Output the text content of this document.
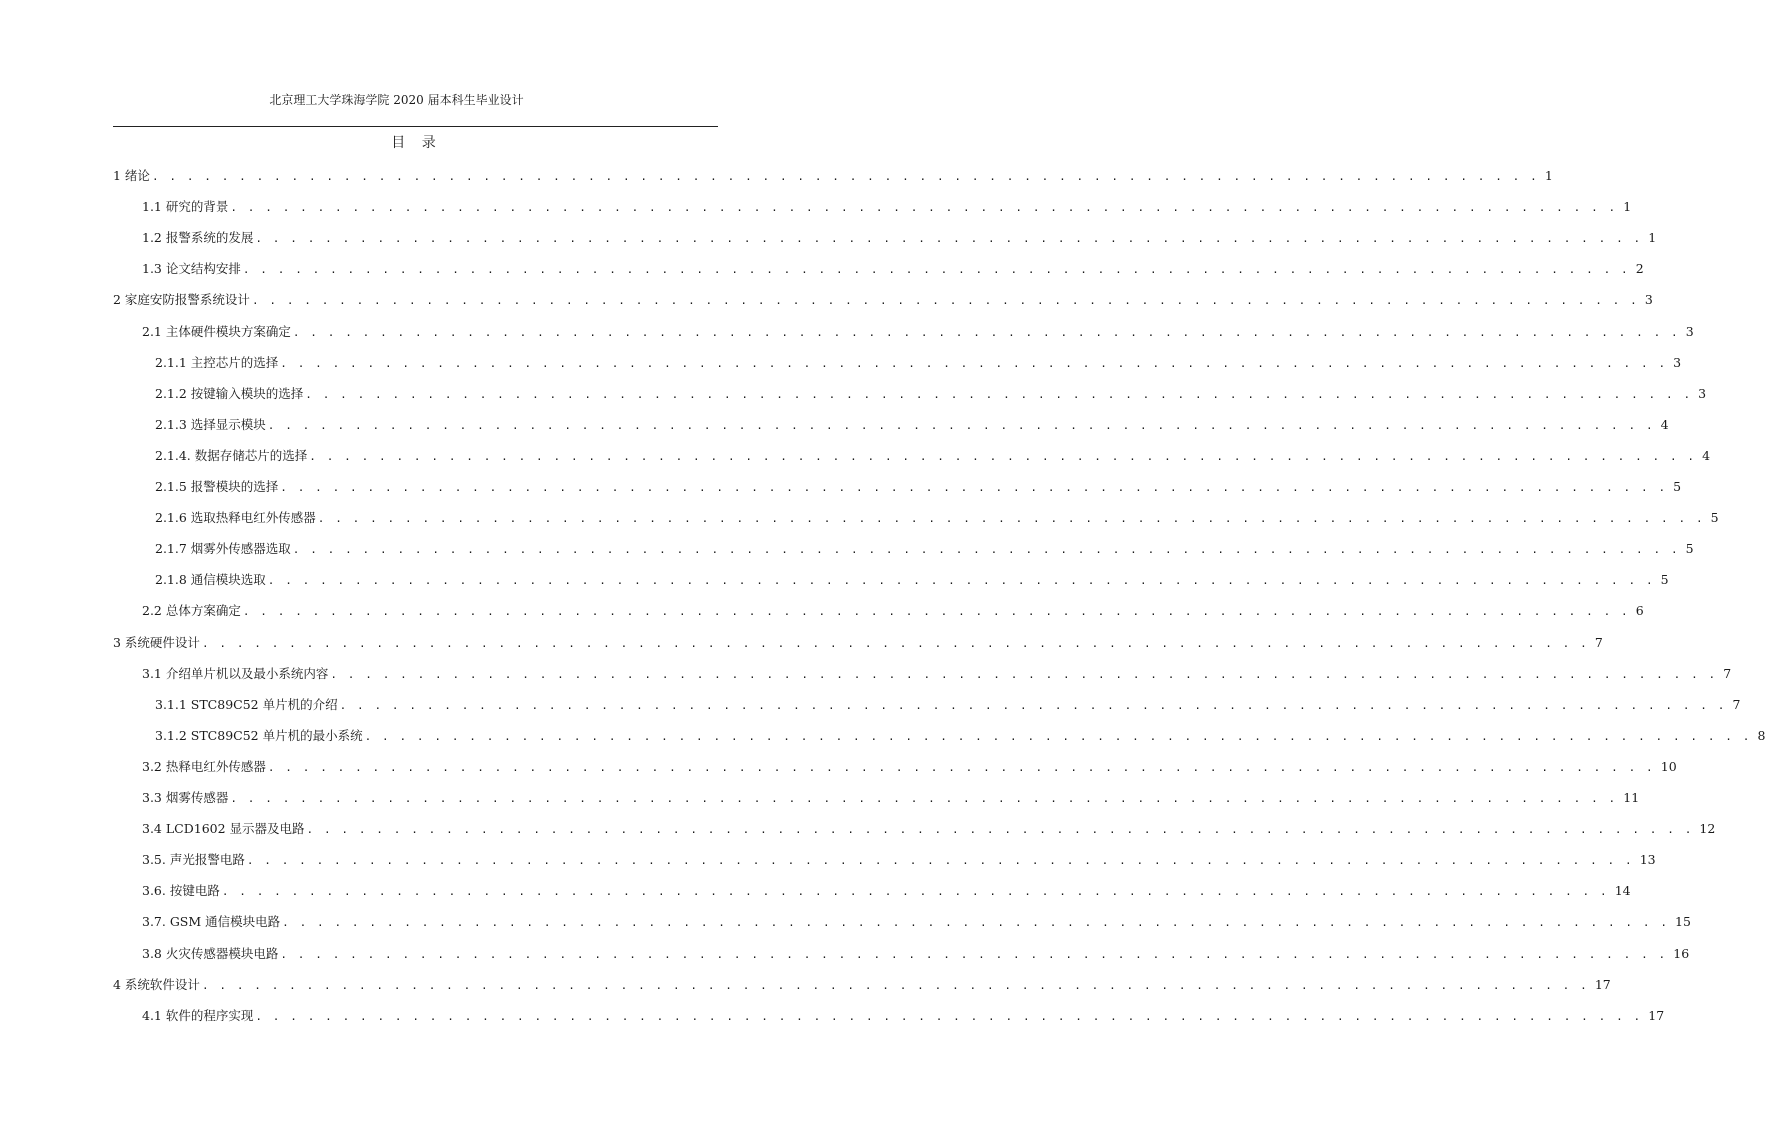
北京理工大学珠海学院 2020 届本科生毕业设计
目 录
1 绪论 . . . . . . . . . . . . . . . . . . . . . . . . . . . . . . . . . . . . . . . . . . . . . . . . . . . . . . . . . . . . . . . . . . . . . . . . . . . . . . . . 1
1.1 研究的背景 . . . . . . . . . . . . . . . . . . . . . . . . . . . . . . . . . . . . . . . . . . . . . . . . . . . . . . . . . . . . . . . . . . . . . . . . . . . . . . . . 1
1.2 报警系统的发展 . . . . . . . . . . . . . . . . . . . . . . . . . . . . . . . . . . . . . . . . . . . . . . . . . . . . . . . . . . . . . . . . . . . . . . . . . . . . . . . . 1
1.3 论文结构安排 . . . . . . . . . . . . . . . . . . . . . . . . . . . . . . . . . . . . . . . . . . . . . . . . . . . . . . . . . . . . . . . . . . . . . . . . . . . . . . . . 2
2 家庭安防报警系统设计 . . . . . . . . . . . . . . . . . . . . . . . . . . . . . . . . . . . . . . . . . . . . . . . . . . . . . . . . . . . . . . . . . . . . . . . . . . . . . . . . 3
2.1 主体硬件模块方案确定 . . . . . . . . . . . . . . . . . . . . . . . . . . . . . . . . . . . . . . . . . . . . . . . . . . . . . . . . . . . . . . . . . . . . . . . . . . . . . . . . 3
2.1.1 主控芯片的选择 . . . . . . . . . . . . . . . . . . . . . . . . . . . . . . . . . . . . . . . . . . . . . . . . . . . . . . . . . . . . . . . . . . . . . . . . . . . . . . . . 3
2.1.2 按键输入模块的选择 . . . . . . . . . . . . . . . . . . . . . . . . . . . . . . . . . . . . . . . . . . . . . . . . . . . . . . . . . . . . . . . . . . . . . . . . . . . . . . . . 3
2.1.3 选择显示模块 . . . . . . . . . . . . . . . . . . . . . . . . . . . . . . . . . . . . . . . . . . . . . . . . . . . . . . . . . . . . . . . . . . . . . . . . . . . . . . . . 4
2.1.4. 数据存储芯片的选择 . . . . . . . . . . . . . . . . . . . . . . . . . . . . . . . . . . . . . . . . . . . . . . . . . . . . . . . . . . . . . . . . . . . . . . . . . . . . . . . . 4
2.1.5 报警模块的选择 . . . . . . . . . . . . . . . . . . . . . . . . . . . . . . . . . . . . . . . . . . . . . . . . . . . . . . . . . . . . . . . . . . . . . . . . . . . . . . . . 5
2.1.6 选取热释电红外传感器 . . . . . . . . . . . . . . . . . . . . . . . . . . . . . . . . . . . . . . . . . . . . . . . . . . . . . . . . . . . . . . . . . . . . . . . . . . . . . . . . 5
2.1.7 烟雾外传感器选取 . . . . . . . . . . . . . . . . . . . . . . . . . . . . . . . . . . . . . . . . . . . . . . . . . . . . . . . . . . . . . . . . . . . . . . . . . . . . . . . . 5
2.1.8 通信模块选取 . . . . . . . . . . . . . . . . . . . . . . . . . . . . . . . . . . . . . . . . . . . . . . . . . . . . . . . . . . . . . . . . . . . . . . . . . . . . . . . . 5
2.2 总体方案确定 . . . . . . . . . . . . . . . . . . . . . . . . . . . . . . . . . . . . . . . . . . . . . . . . . . . . . . . . . . . . . . . . . . . . . . . . . . . . . . . . 6
3 系统硬件设计 . . . . . . . . . . . . . . . . . . . . . . . . . . . . . . . . . . . . . . . . . . . . . . . . . . . . . . . . . . . . . . . . . . . . . . . . . . . . . . . . 7
3.1 介绍单片机以及最小系统内容 . . . . . . . . . . . . . . . . . . . . . . . . . . . . . . . . . . . . . . . . . . . . . . . . . . . . . . . . . . . . . . . . . . . . . . . . . . . . . . . . 7
3.1.1 STC89C52 单片机的介绍 . . . . . . . . . . . . . . . . . . . . . . . . . . . . . . . . . . . . . . . . . . . . . . . . . . . . . . . . . . . . . . . . . . . . . . . . . . . . . . . . 7
3.1.2 STC89C52 单片机的最小系统 . . . . . . . . . . . . . . . . . . . . . . . . . . . . . . . . . . . . . . . . . . . . . . . . . . . . . . . . . . . . . . . . . . . . . . . . . . . . . . . . 8
3.2 热释电红外传感器 . . . . . . . . . . . . . . . . . . . . . . . . . . . . . . . . . . . . . . . . . . . . . . . . . . . . . . . . . . . . . . . . . . . . . . . . . . . . . . . . 10
3.3 烟雾传感器 . . . . . . . . . . . . . . . . . . . . . . . . . . . . . . . . . . . . . . . . . . . . . . . . . . . . . . . . . . . . . . . . . . . . . . . . . . . . . . . . 11
3.4 LCD1602 显示器及电路 . . . . . . . . . . . . . . . . . . . . . . . . . . . . . . . . . . . . . . . . . . . . . . . . . . . . . . . . . . . . . . . . . . . . . . . . . . . . . . . . 12
3.5. 声光报警电路 . . . . . . . . . . . . . . . . . . . . . . . . . . . . . . . . . . . . . . . . . . . . . . . . . . . . . . . . . . . . . . . . . . . . . . . . . . . . . . . . 13
3.6. 按键电路 . . . . . . . . . . . . . . . . . . . . . . . . . . . . . . . . . . . . . . . . . . . . . . . . . . . . . . . . . . . . . . . . . . . . . . . . . . . . . . . . 14
3.7. GSM 通信模块电路 . . . . . . . . . . . . . . . . . . . . . . . . . . . . . . . . . . . . . . . . . . . . . . . . . . . . . . . . . . . . . . . . . . . . . . . . . . . . . . . . 15
3.8 火灾传感器模块电路 . . . . . . . . . . . . . . . . . . . . . . . . . . . . . . . . . . . . . . . . . . . . . . . . . . . . . . . . . . . . . . . . . . . . . . . . . . . . . . . . 16
4 系统软件设计 . . . . . . . . . . . . . . . . . . . . . . . . . . . . . . . . . . . . . . . . . . . . . . . . . . . . . . . . . . . . . . . . . . . . . . . . . . . . . . . . 17
4.1 软件的程序实现 . . . . . . . . . . . . . . . . . . . . . . . . . . . . . . . . . . . . . . . . . . . . . . . . . . . . . . . . . . . . . . . . . . . . . . . . . . . . . . . . 17
